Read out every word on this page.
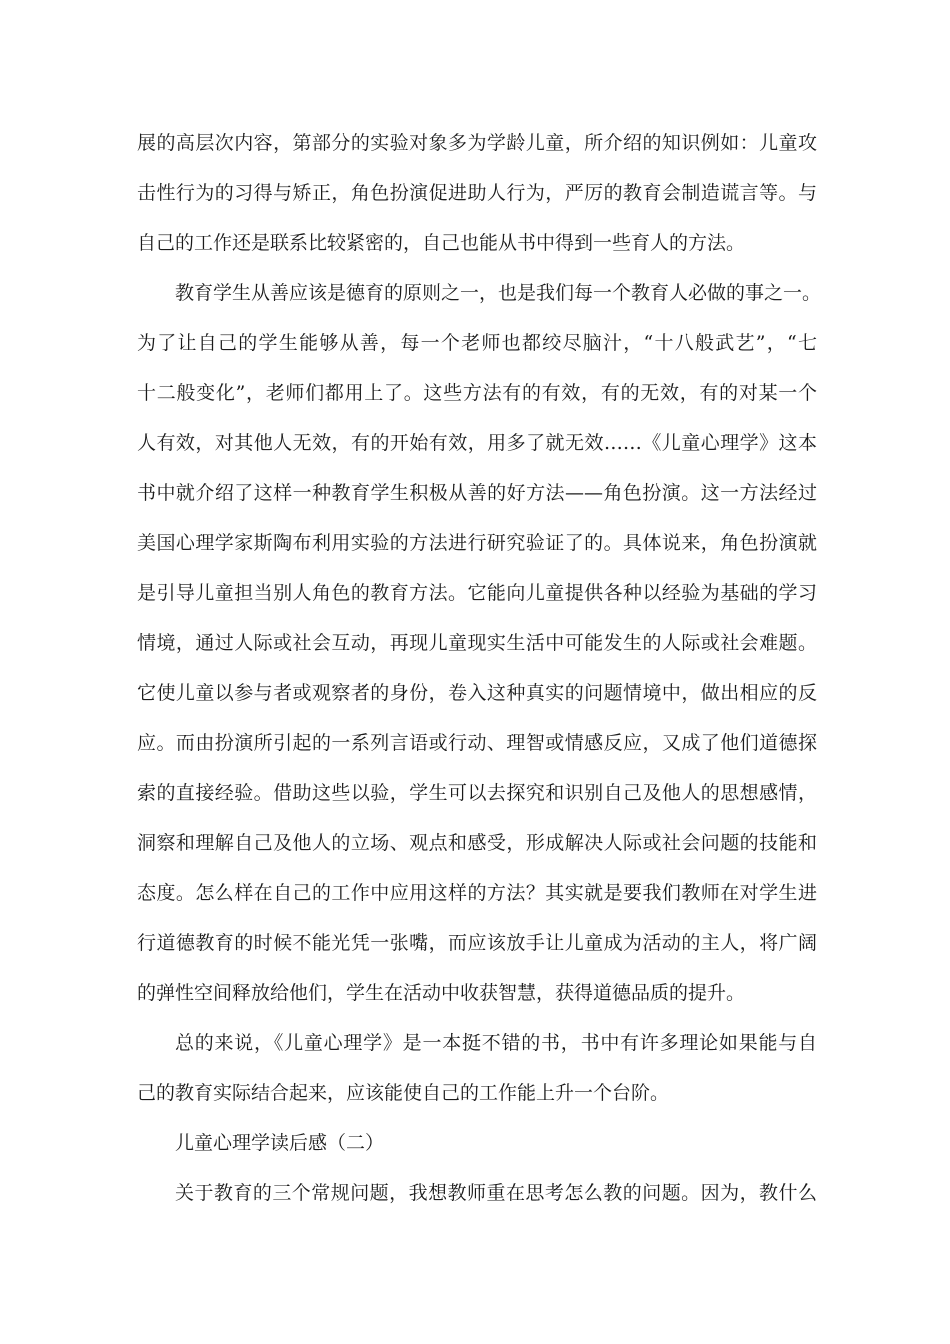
展的高层次内容，第部分的实验对象多为学龄儿童，所介绍的知识例如：儿童攻
击性行为的习得与矫正，角色扮演促进助人行为，严厉的教育会制造谎言等。与
自己的工作还是联系比较紧密的，自己也能从书中得到一些育人的方法。
教育学生从善应该是德育的原则之一，也是我们每一个教育人必做的事之一。
为了让自己的学生能够从善，每一个老师也都绞尽脑汁，“十八般武艺”，“七
十二般变化”，老师们都用上了。这些方法有的有效，有的无效，有的对某一个
人有效，对其他人无效，有的开始有效，用多了就无效……《儿童心理学》这本
书中就介绍了这样一种教育学生积极从善的好方法——角色扮演。这一方法经过
美国心理学家斯陶布利用实验的方法进行研究验证了的。具体说来，角色扮演就
是引导儿童担当别人角色的教育方法。它能向儿童提供各种以经验为基础的学习
情境，通过人际或社会互动，再现儿童现实生活中可能发生的人际或社会难题。
它使儿童以参与者或观察者的身份，卷入这种真实的问题情境中，做出相应的反
应。而由扮演所引起的一系列言语或行动、理智或情感反应，又成了他们道德探
索的直接经验。借助这些以验，学生可以去探究和识别自己及他人的思想感情，
洞察和理解自己及他人的立场、观点和感受，形成解决人际或社会问题的技能和
态度。怎么样在自己的工作中应用这样的方法？其实就是要我们教师在对学生进
行道德教育的时候不能光凭一张嘴，而应该放手让儿童成为活动的主人，将广阔
的弹性空间释放给他们，学生在活动中收获智慧，获得道德品质的提升。
总的来说，《儿童心理学》是一本挺不错的书，书中有许多理论如果能与自
己的教育实际结合起来，应该能使自己的工作能上升一个台阶。
儿童心理学读后感（二）
关于教育的三个常规问题，我想教师重在思考怎么教的问题。因为，教什么
